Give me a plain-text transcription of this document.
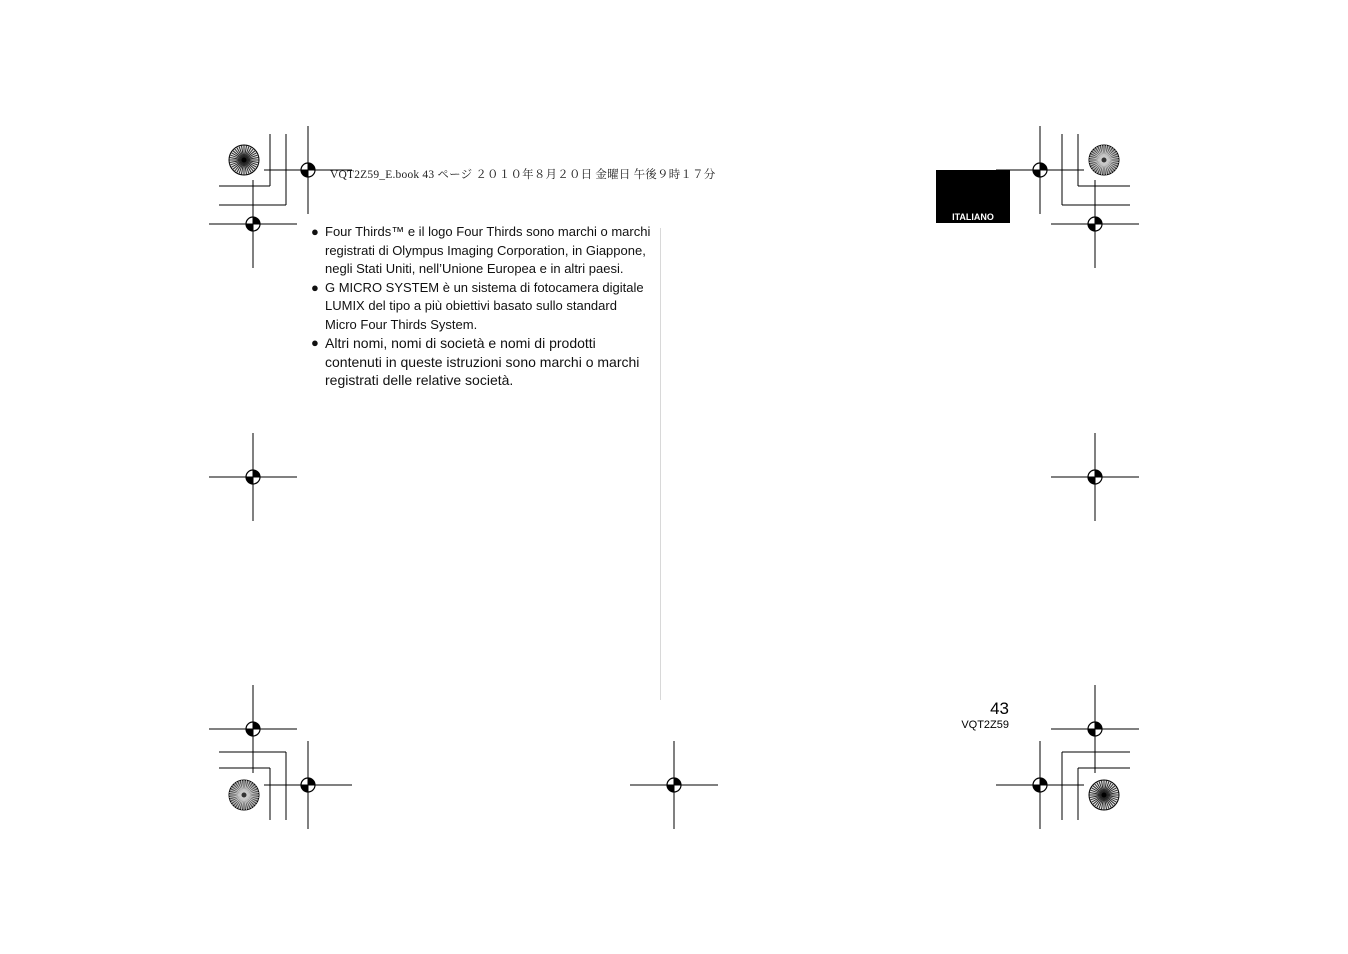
VQT2Z59_E.book 43 ページ ２０１０年８月２０日 金曜日 午後９時１７分
ITALIANO
● Four Thirds™ e il logo Four Thirds sono marchi o marchi registrati di Olympus Imaging Corporation, in Giappone, negli Stati Uniti, nell’Unione Europea e in altri paesi.
● G MICRO SYSTEM è un sistema di fotocamera digitale LUMIX del tipo a più obiettivi basato sullo standard Micro Four Thirds System.
● Altri nomi, nomi di società e nomi di prodotti contenuti in queste istruzioni sono marchi o marchi registrati delle relative società.
43
VQT2Z59
